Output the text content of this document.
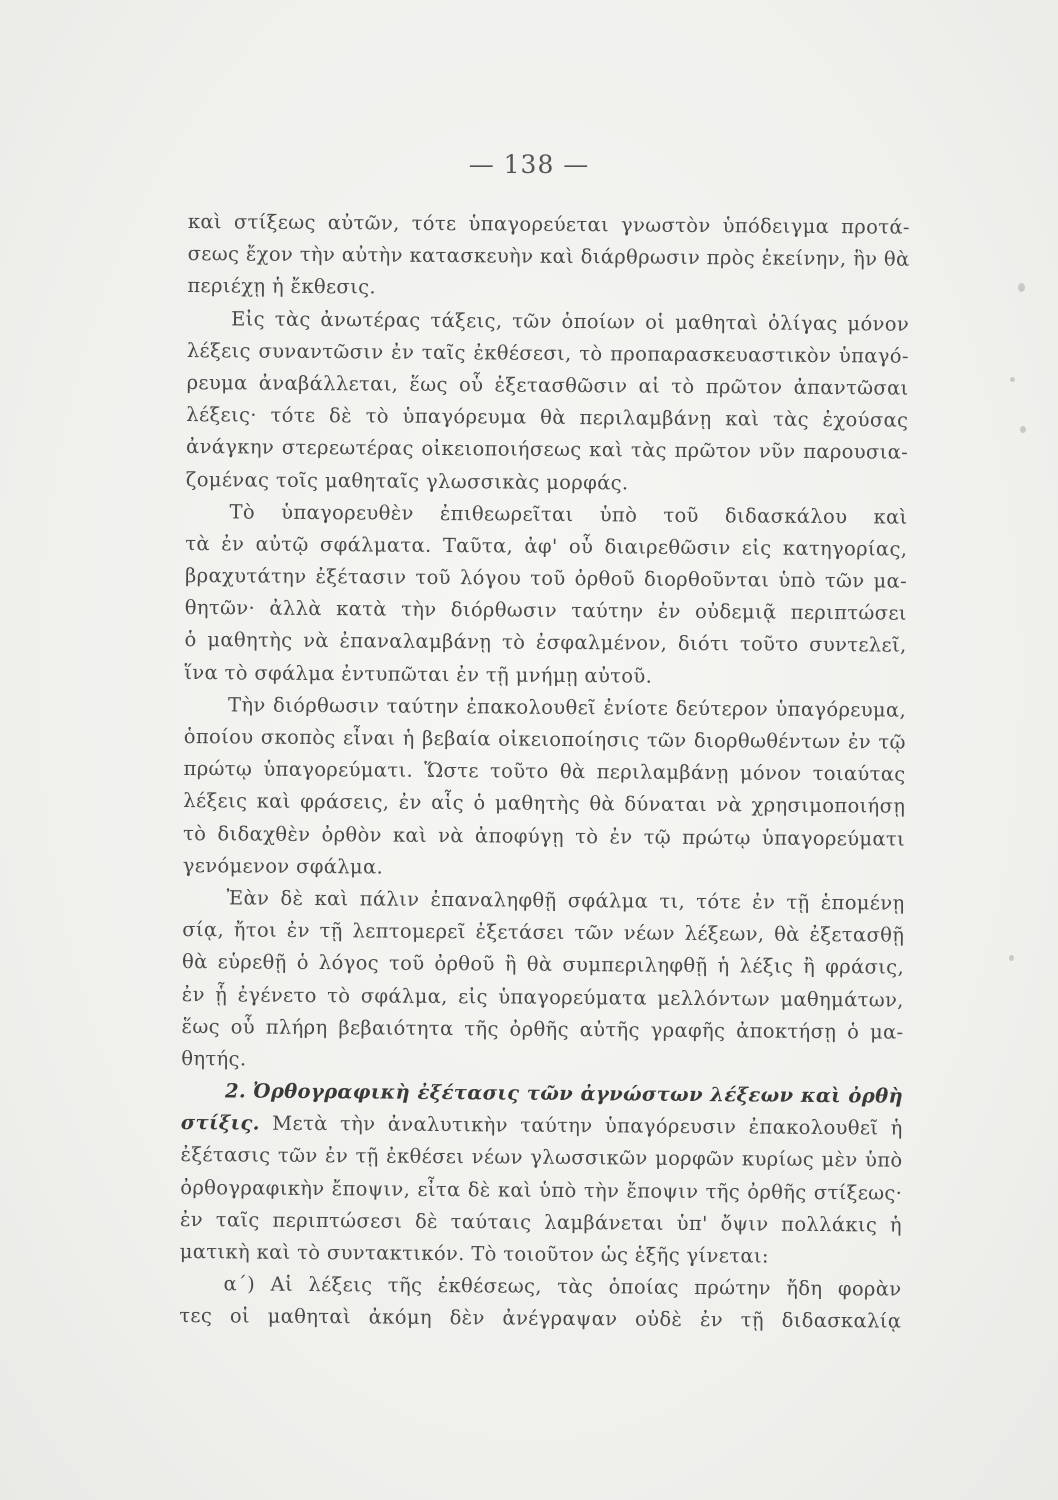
— 138 —
καὶ στίξεως αὐτῶν, τότε ὑπαγορεύεται γνωστὸν ὑπόδειγμα προτά-
σεως ἔχον τὴν αὐτὴν κατασκευὴν καὶ διάρθρωσιν πρὸς ἐκείνην, ἣν θὰ
περιέχῃ ἡ ἔκθεσις.
Εἰς τὰς ἀνωτέρας τάξεις, τῶν ὁποίων οἱ μαθηταὶ ὀλίγας μόνον
λέξεις συναντῶσιν ἐν ταῖς ἐκθέσεσι, τὸ προπαρασκευαστικὸν ὑπαγό-
ρευμα ἀναβάλλεται, ἕως οὗ ἐξετασθῶσιν αἱ τὸ πρῶτον ἀπαντῶσαι
λέξεις· τότε δὲ τὸ ὑπαγόρευμα θὰ περιλαμβάνῃ καὶ τὰς ἐχούσας
ἀνάγκην στερεωτέρας οἰκειοποιήσεως καὶ τὰς πρῶτον νῦν παρουσια-
ζομένας τοῖς μαθηταῖς γλωσσικὰς μορφάς.
Τὸ ὑπαγορευθὲν ἐπιθεωρεῖται ὑπὸ τοῦ διδασκάλου καὶ
τὰ ἐν αὐτῷ σφάλματα. Ταῦτα, ἀφ' οὗ διαιρεθῶσιν εἰς κατηγορίας,
βραχυτάτην ἐξέτασιν τοῦ λόγου τοῦ ὀρθοῦ διορθοῦνται ὑπὸ τῶν μα-
θητῶν· ἀλλὰ κατὰ τὴν διόρθωσιν ταύτην ἐν οὐδεμιᾷ περιπτώσει
ὁ μαθητὴς νὰ ἐπαναλαμβάνῃ τὸ ἐσφαλμένον, διότι τοῦτο συντελεῖ,
ἵνα τὸ σφάλμα ἐντυπῶται ἐν τῇ μνήμῃ αὐτοῦ.
Τὴν διόρθωσιν ταύτην ἐπακολουθεῖ ἐνίοτε δεύτερον ὑπαγόρευμα,
ὁποίου σκοπὸς εἶναι ἡ βεβαία οἰκειοποίησις τῶν διορθωθέντων ἐν τῷ
πρώτῳ ὑπαγορεύματι. Ὥστε τοῦτο θὰ περιλαμβάνῃ μόνον τοιαύτας
λέξεις καὶ φράσεις, ἐν αἷς ὁ μαθητὴς θὰ δύναται νὰ χρησιμοποιήσῃ
τὸ διδαχθὲν ὀρθὸν καὶ νὰ ἀποφύγῃ τὸ ἐν τῷ πρώτῳ ὑπαγορεύματι
γενόμενον σφάλμα.
Ἐὰν δὲ καὶ πάλιν ἐπαναληφθῇ σφάλμα τι, τότε ἐν τῇ ἑπομένῃ
σίᾳ, ἤτοι ἐν τῇ λεπτομερεῖ ἐξετάσει τῶν νέων λέξεων, θὰ ἐξετασθῇ
θὰ εὑρεθῇ ὁ λόγος τοῦ ὀρθοῦ ἢ θὰ συμπεριληφθῇ ἡ λέξις ἢ φράσις,
ἐν ᾗ ἐγένετο τὸ σφάλμα, εἰς ὑπαγορεύματα μελλόντων μαθημάτων,
ἕως οὗ πλήρη βεβαιότητα τῆς ὀρθῆς αὐτῆς γραφῆς ἀποκτήσῃ ὁ μα-
θητής.
2. Ὀρθογραφικὴ ἐξέτασις τῶν ἀγνώστων λέξεων καὶ ὀρθὴ
στίξις. Μετὰ τὴν ἀναλυτικὴν ταύτην ὑπαγόρευσιν ἐπακολουθεῖ ἡ
ἐξέτασις τῶν ἐν τῇ ἐκθέσει νέων γλωσσικῶν μορφῶν κυρίως μὲν ὑπὸ
ὀρθογραφικὴν ἔποψιν, εἶτα δὲ καὶ ὑπὸ τὴν ἔποψιν τῆς ὀρθῆς στίξεως·
ἐν ταῖς περιπτώσεσι δὲ ταύταις λαμβάνεται ὑπ' ὄψιν πολλάκις ἡ
ματικὴ καὶ τὸ συντακτικόν. Τὸ τοιοῦτον ὡς ἑξῆς γίνεται:
α΄) Αἱ λέξεις τῆς ἐκθέσεως, τὰς ὁποίας πρώτην ἤδη φορὰν
τες οἱ μαθηταὶ ἀκόμη δὲν ἀνέγραψαν οὐδὲ ἐν τῇ διδασκαλίᾳ
